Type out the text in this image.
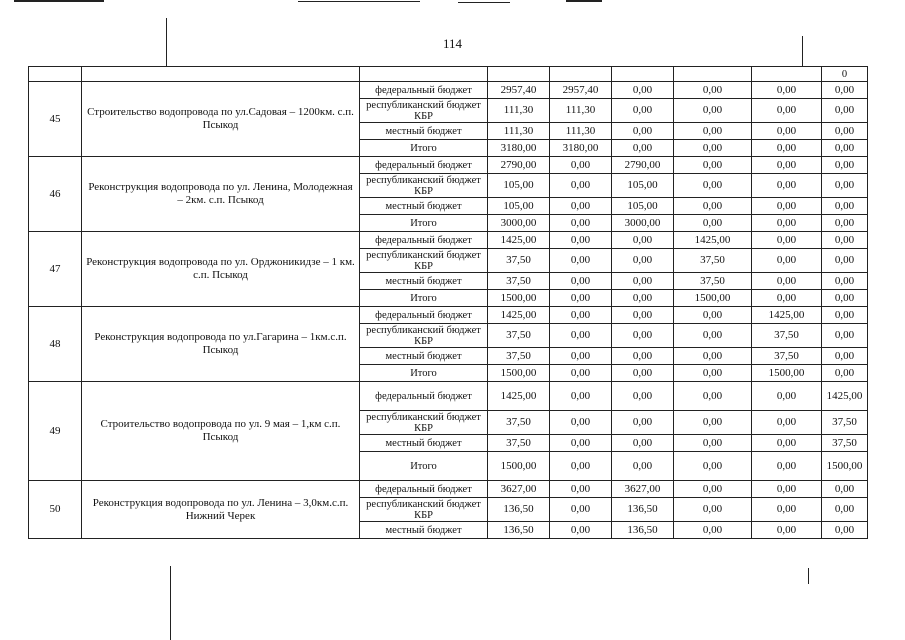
114
								0
45	Строительство водопровода по ул.Садовая – 1200км. с.п. Псыкод	федеральный бюджет	2957,40	2957,40	0,00	0,00	0,00	0,00
		республиканский бюджет КБР	111,30	111,30	0,00	0,00	0,00	0,00
		местный бюджет	111,30	111,30	0,00	0,00	0,00	0,00
		Итого	3180,00	3180,00	0,00	0,00	0,00	0,00
46	Реконструкция водопровода по ул. Ленина, Молодежная – 2км. с.п. Псыкод	федеральный бюджет	2790,00	0,00	2790,00	0,00	0,00	0,00
		республиканский бюджет КБР	105,00	0,00	105,00	0,00	0,00	0,00
		местный бюджет	105,00	0,00	105,00	0,00	0,00	0,00
		Итого	3000,00	0,00	3000,00	0,00	0,00	0,00
47	Реконструкция водопровода по ул. Орджоникидзе – 1 км. с.п. Псыкод	федеральный бюджет	1425,00	0,00	0,00	1425,00	0,00	0,00
		республиканский бюджет КБР	37,50	0,00	0,00	37,50	0,00	0,00
		местный бюджет	37,50	0,00	0,00	37,50	0,00	0,00
		Итого	1500,00	0,00	0,00	1500,00	0,00	0,00
48	Реконструкция водопровода по ул.Гагарина – 1км.с.п. Псыкод	федеральный бюджет	1425,00	0,00	0,00	0,00	1425,00	0,00
		республиканский бюджет КБР	37,50	0,00	0,00	0,00	37,50	0,00
		местный бюджет	37,50	0,00	0,00	0,00	37,50	0,00
		Итого	1500,00	0,00	0,00	0,00	1500,00	0,00
49	Строительство водопровода по ул. 9 мая – 1,км с.п. Псыкод	федеральный бюджет	1425,00	0,00	0,00	0,00	0,00	1425,00
		республиканский бюджет КБР	37,50	0,00	0,00	0,00	0,00	37,50
		местный бюджет	37,50	0,00	0,00	0,00	0,00	37,50
		Итого	1500,00	0,00	0,00	0,00	0,00	1500,00
50	Реконструкция водопровода по ул. Ленина – 3,0км.с.п. Нижний Черек	федеральный бюджет	3627,00	0,00	3627,00	0,00	0,00	0,00
		республиканский бюджет КБР	136,50	0,00	136,50	0,00	0,00	0,00
		местный бюджет	136,50	0,00	136,50	0,00	0,00	0,00
